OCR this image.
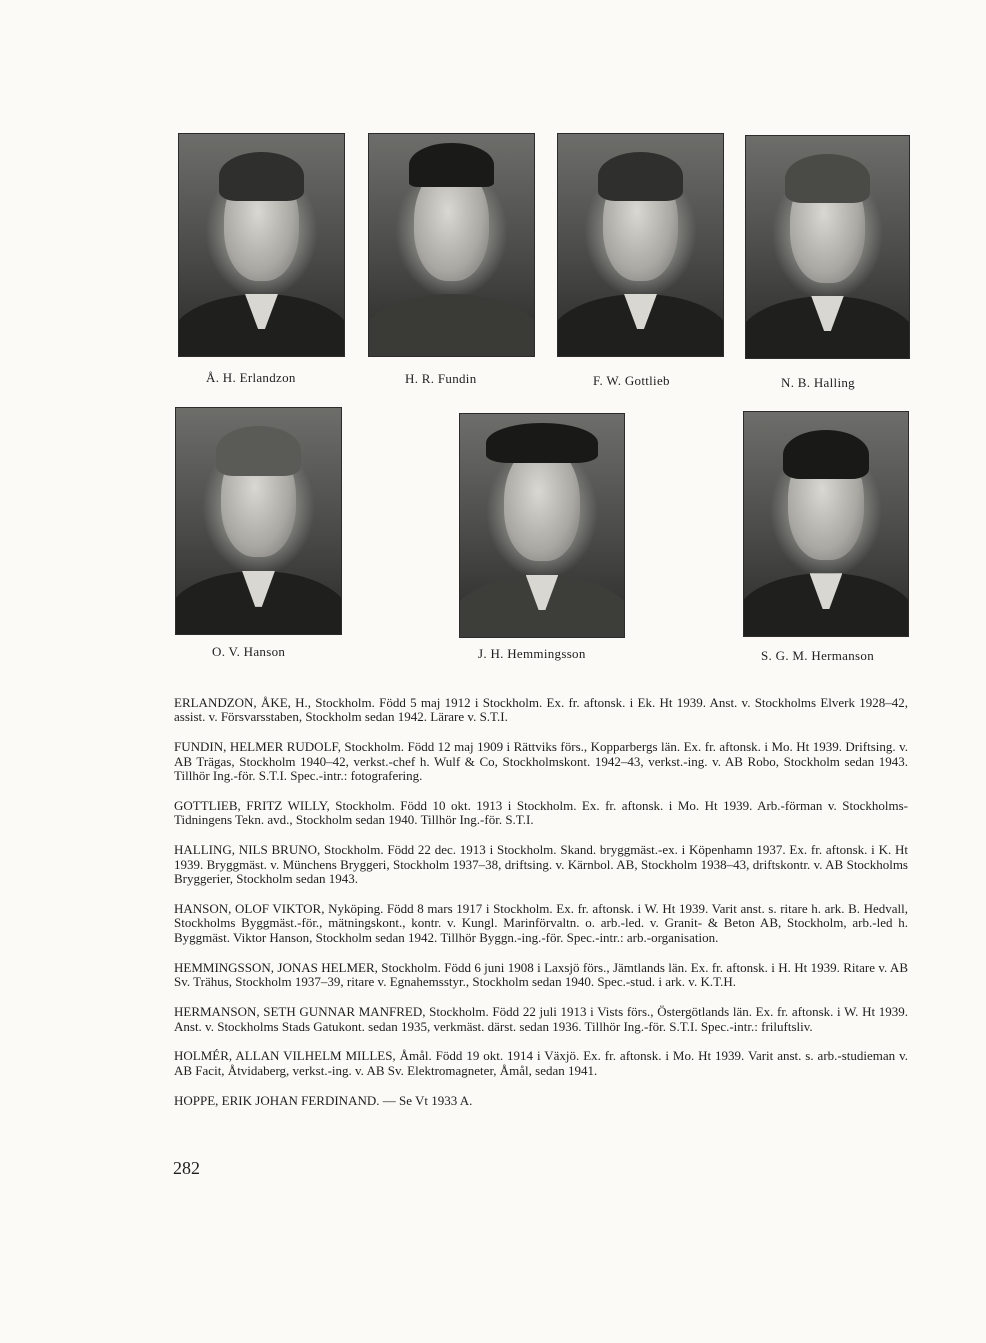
Å. H. Erlandzon	H. R. Fundin	F. W. Gottlieb	N. B. Halling
O. V. Hanson	J. H. Hemmingsson	S. G. M. Hermanson

ERLANDZON, ÅKE, H., Stockholm. Född 5 maj 1912 i Stockholm. Ex. fr. aftonsk. i Ek. Ht 1939. Anst. v. Stockholms Elverk 1928–42, assist. v. Försvarsstaben, Stockholm sedan 1942. Lärare v. S.T.I.

FUNDIN, HELMER RUDOLF, Stockholm. Född 12 maj 1909 i Rättviks förs., Kopparbergs län. Ex. fr. aftonsk. i Mo. Ht 1939. Driftsing. v. AB Trägas, Stockholm 1940–42, verkst.-chef h. Wulf & Co, Stockholmskont. 1942–43, verkst.-ing. v. AB Robo, Stockholm sedan 1943. Tillhör Ing.-för. S.T.I. Spec.-intr.: fotografering.

GOTTLIEB, FRITZ WILLY, Stockholm. Född 10 okt. 1913 i Stockholm. Ex. fr. aftonsk. i Mo. Ht 1939. Arb.-förman v. Stockholms-Tidningens Tekn. avd., Stockholm sedan 1940. Tillhör Ing.-för. S.T.I.

HALLING, NILS BRUNO, Stockholm. Född 22 dec. 1913 i Stockholm. Skand. bryggmäst.-ex. i Köpenhamn 1937. Ex. fr. aftonsk. i K. Ht 1939. Bryggmäst. v. Münchens Bryggeri, Stockholm 1937–38, driftsing. v. Kärnbol. AB, Stockholm 1938–43, driftskontr. v. AB Stockholms Bryggerier, Stockholm sedan 1943.

HANSON, OLOF VIKTOR, Nyköping. Född 8 mars 1917 i Stockholm. Ex. fr. aftonsk. i W. Ht 1939. Varit anst. s. ritare h. ark. B. Hedvall, Stockholms Byggmäst.-för., mätningskont., kontr. v. Kungl. Marinförvaltn. o. arb.-led. v. Granit- & Beton AB, Stockholm, arb.-led h. Byggmäst. Viktor Hanson, Stockholm sedan 1942. Tillhör Byggn.-ing.-för. Spec.-intr.: arb.-organisation.

HEMMINGSSON, JONAS HELMER, Stockholm. Född 6 juni 1908 i Laxsjö förs., Jämtlands län. Ex. fr. aftonsk. i H. Ht 1939. Ritare v. AB Sv. Trähus, Stockholm 1937–39, ritare v. Egnahemsstyr., Stockholm sedan 1940. Spec.-stud. i ark. v. K.T.H.

HERMANSON, SETH GUNNAR MANFRED, Stockholm. Född 22 juli 1913 i Vists förs., Östergötlands län. Ex. fr. aftonsk. i W. Ht 1939. Anst. v. Stockholms Stads Gatukont. sedan 1935, verkmäst. därst. sedan 1936. Tillhör Ing.-för. S.T.I. Spec.-intr.: friluftsliv.

HOLMÉR, ALLAN VILHELM MILLES, Åmål. Född 19 okt. 1914 i Växjö. Ex. fr. aftonsk. i Mo. Ht 1939. Varit anst. s. arb.-studieman v. AB Facit, Åtvidaberg, verkst.-ing. v. AB Sv. Elektromagneter, Åmål, sedan 1941.

HOPPE, ERIK JOHAN FERDINAND. — Se Vt 1933 A.

282
